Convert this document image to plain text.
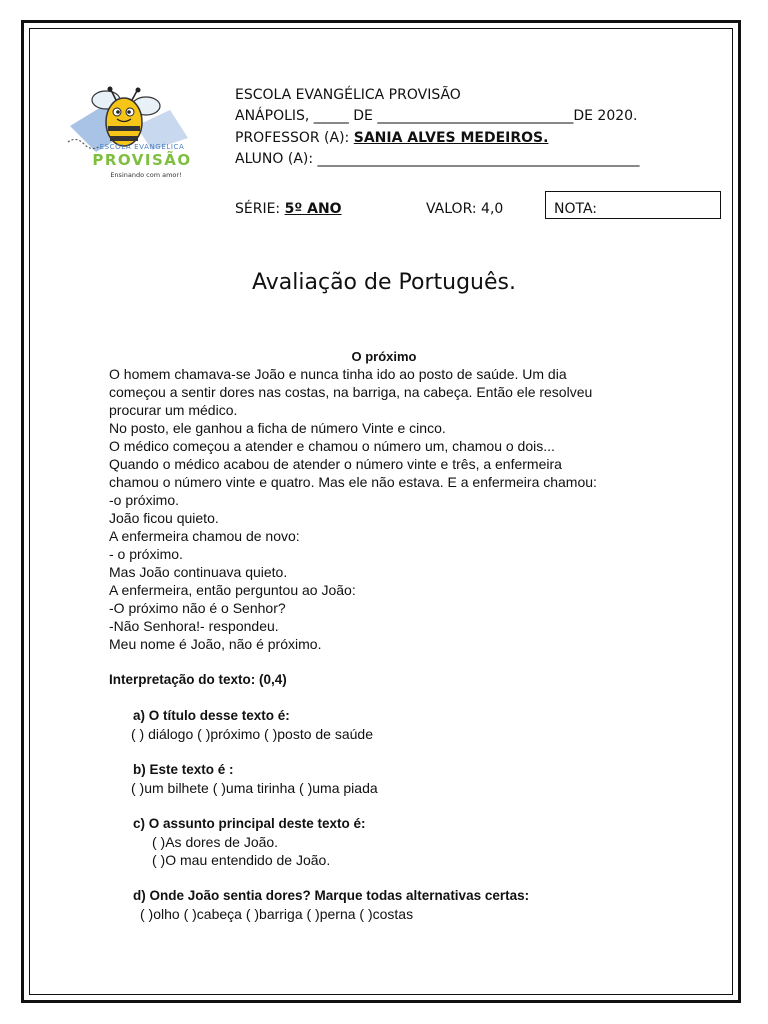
ESCOLA EVANGÉLICA
PROVISÃO
Ensinando com amor!
ESCOLA EVANGÉLICA PROVISÃO
ANÁPOLIS, _____ DE ____________________________DE 2020.
PROFESSOR (A): SANIA ALVES MEDEIROS.
ALUNO (A): ______________________________________________
SÉRIE: 5º ANO	VALOR: 4,0	NOTA:
Avaliação de Português.
O próximo
O homem chamava-se João e nunca tinha ido ao posto de saúde. Um dia
começou a sentir dores nas costas, na barriga, na cabeça. Então ele resolveu
procurar um médico.
No posto, ele ganhou a ficha de número Vinte e cinco.
O médico começou a atender e chamou o número um, chamou o dois...
Quando o médico acabou de atender o número vinte e três, a enfermeira
chamou o número vinte e quatro. Mas ele não estava. E a enfermeira chamou:
-o próximo.
João ficou quieto.
A enfermeira chamou de novo:
- o próximo.
Mas João continuava quieto.
A enfermeira, então perguntou ao João:
-O próximo não é o Senhor?
-Não Senhora!- respondeu.
Meu nome é João, não é próximo.
Interpretação do texto: (0,4)
a) O título desse texto é:
( ) diálogo ( )próximo ( )posto de saúde
b) Este texto é :
( )um bilhete ( )uma tirinha ( )uma piada
c) O assunto principal deste texto é:
( )As dores de João.
( )O mau entendido de João.
d) Onde João sentia dores? Marque todas alternativas certas:
( )olho ( )cabeça ( )barriga ( )perna ( )costas
